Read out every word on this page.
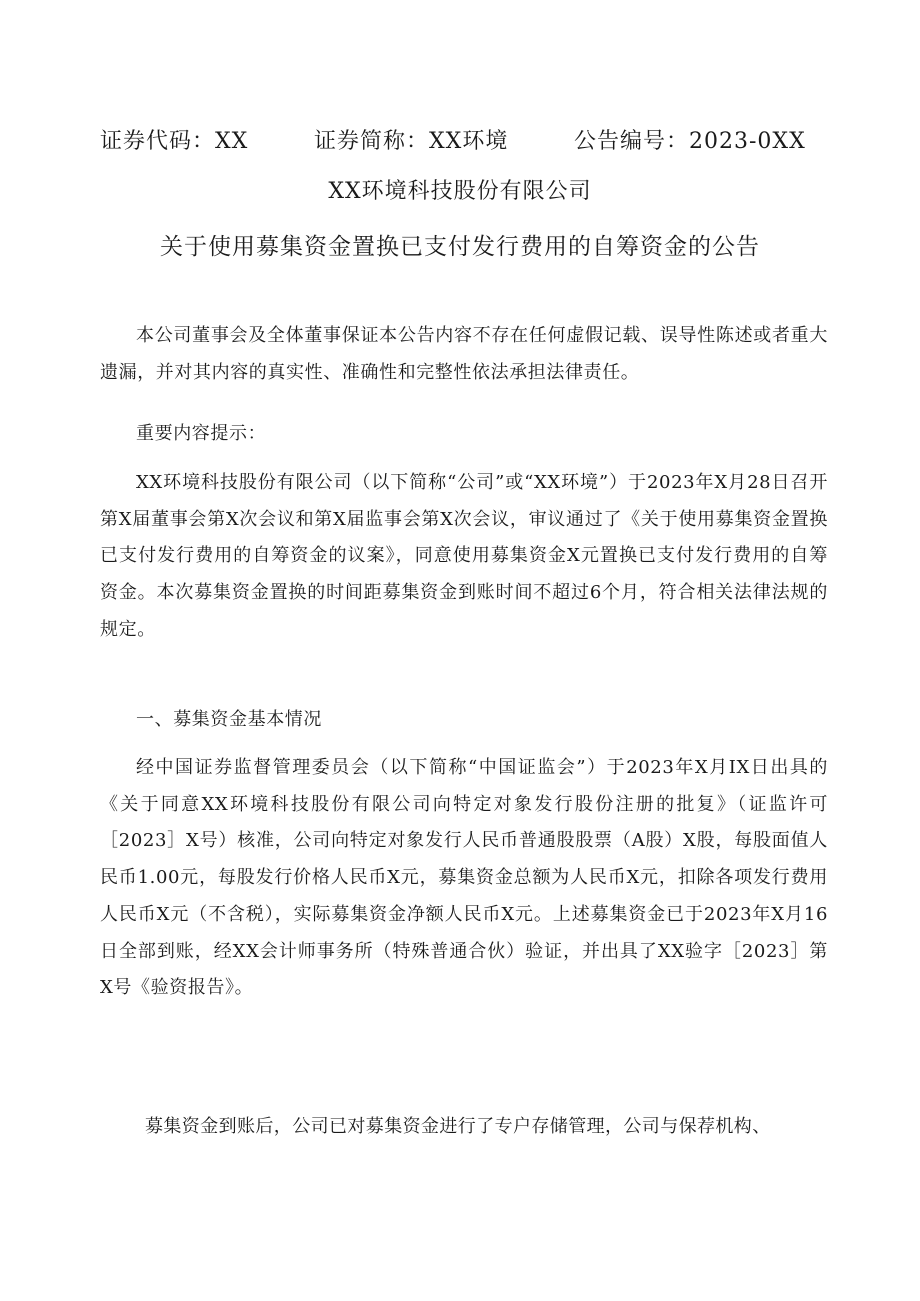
证券代码：XX	证券简称：XX环境	公告编号：2023-0XX
XX环境科技股份有限公司
关于使用募集资金置换已支付发行费用的自筹资金的公告

本公司董事会及全体董事保证本公告内容不存在任何虚假记载、误导性陈述或者重大遗漏，并对其内容的真实性、准确性和完整性依法承担法律责任。

重要内容提示：

XX环境科技股份有限公司（以下简称“公司”或“XX环境”）于2023年X月28日召开第X届董事会第X次会议和第X届监事会第X次会议，审议通过了《关于使用募集资金置换已支付发行费用的自筹资金的议案》，同意使用募集资金X元置换已支付发行费用的自筹资金。本次募集资金置换的时间距募集资金到账时间不超过6个月，符合相关法律法规的规定。

一、募集资金基本情况

经中国证券监督管理委员会（以下简称“中国证监会”）于2023年X月IX日出具的《关于同意XX环境科技股份有限公司向特定对象发行股份注册的批复》（证监许可［2023］X号）核准，公司向特定对象发行人民币普通股股票（A股）X股，每股面值人民币1.00元，每股发行价格人民币X元，募集资金总额为人民币X元，扣除各项发行费用人民币X元（不含税），实际募集资金净额人民币X元。上述募集资金已于2023年X月16日全部到账，经XX会计师事务所（特殊普通合伙）验证，并出具了XX验字［2023］第X号《验资报告》。

募集资金到账后，公司已对募集资金进行了专户存储管理，公司与保荐机构、
